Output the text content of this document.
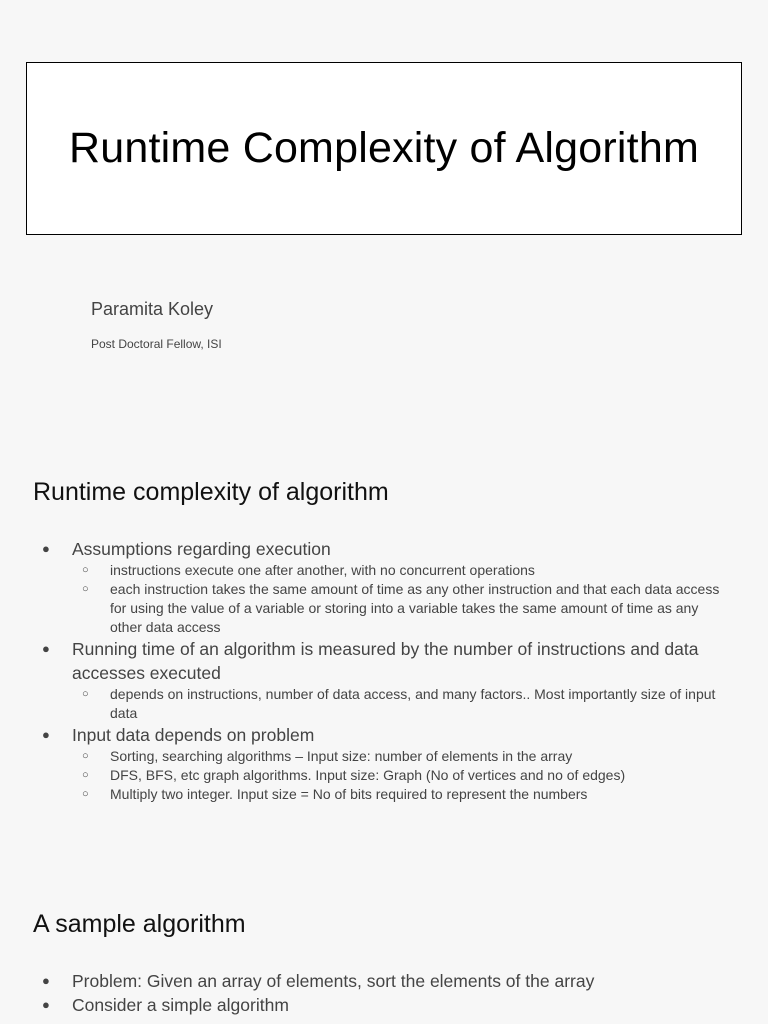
Runtime Complexity of Algorithm
Paramita Koley
Post Doctoral Fellow, ISI
Runtime complexity of algorithm
● Assumptions regarding execution
○ instructions execute one after another, with no concurrent operations
○ each instruction takes the same amount of time as any other instruction and that each data access for using the value of a variable or storing into a variable takes the same amount of time as any other data access
● Running time of an algorithm is measured by the number of instructions and data accesses executed
○ depends on instructions, number of data access, and many factors.. Most importantly size of input data
● Input data depends on problem
○ Sorting, searching algorithms – Input size: number of elements in the array
○ DFS, BFS, etc graph algorithms. Input size: Graph (No of vertices and no of edges)
○ Multiply two integer. Input size = No of bits required to represent the numbers
A sample algorithm
● Problem: Given an array of elements, sort the elements of the array
● Consider a simple algorithm
